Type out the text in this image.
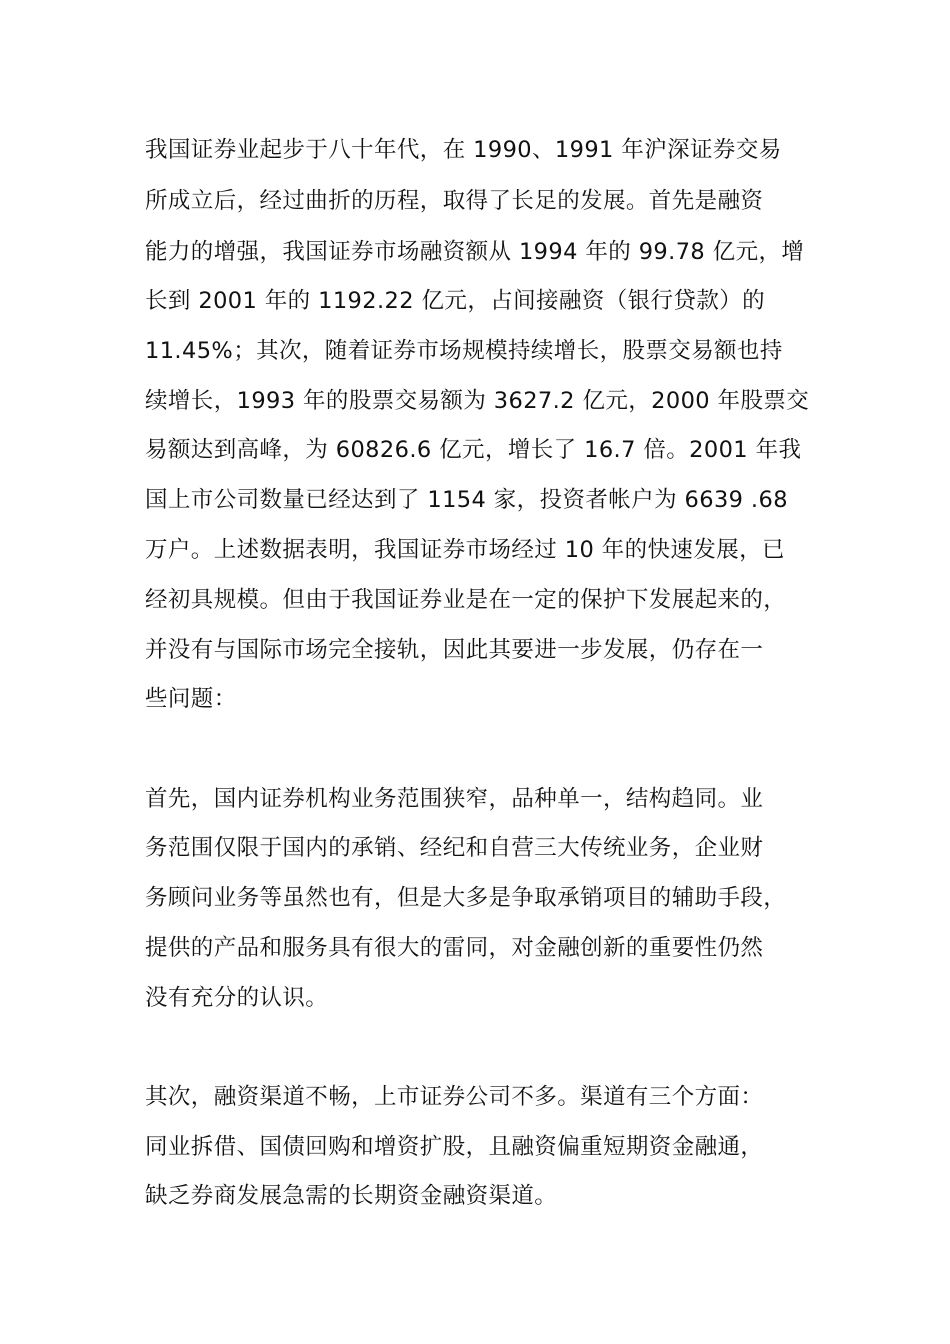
我国证券业起步于八十年代，在 1990、1991 年沪深证券交易
所成立后，经过曲折的历程，取得了长足的发展。首先是融资
能力的增强，我国证券市场融资额从 1994 年的 99.78 亿元，增
长到 2001 年的 1192.22 亿元，占间接融资（银行贷款）的
11.45%；其次，随着证券市场规模持续增长，股票交易额也持
续增长，1993 年的股票交易额为 3627.2 亿元，2000 年股票交
易额达到高峰，为 60826.6 亿元，增长了 16.7 倍。2001 年我
国上市公司数量已经达到了 1154 家，投资者帐户为 6639 .68
万户。上述数据表明，我国证券市场经过 10 年的快速发展，已
经初具规模。但由于我国证券业是在一定的保护下发展起来的，
并没有与国际市场完全接轨，因此其要进一步发展，仍存在一
些问题：
首先，国内证券机构业务范围狭窄，品种单一，结构趋同。业
务范围仅限于国内的承销、经纪和自营三大传统业务，企业财
务顾问业务等虽然也有，但是大多是争取承销项目的辅助手段，
提供的产品和服务具有很大的雷同，对金融创新的重要性仍然
没有充分的认识。
其次，融资渠道不畅，上市证券公司不多。渠道有三个方面：
同业拆借、国债回购和增资扩股，且融资偏重短期资金融通，
缺乏券商发展急需的长期资金融资渠道。
